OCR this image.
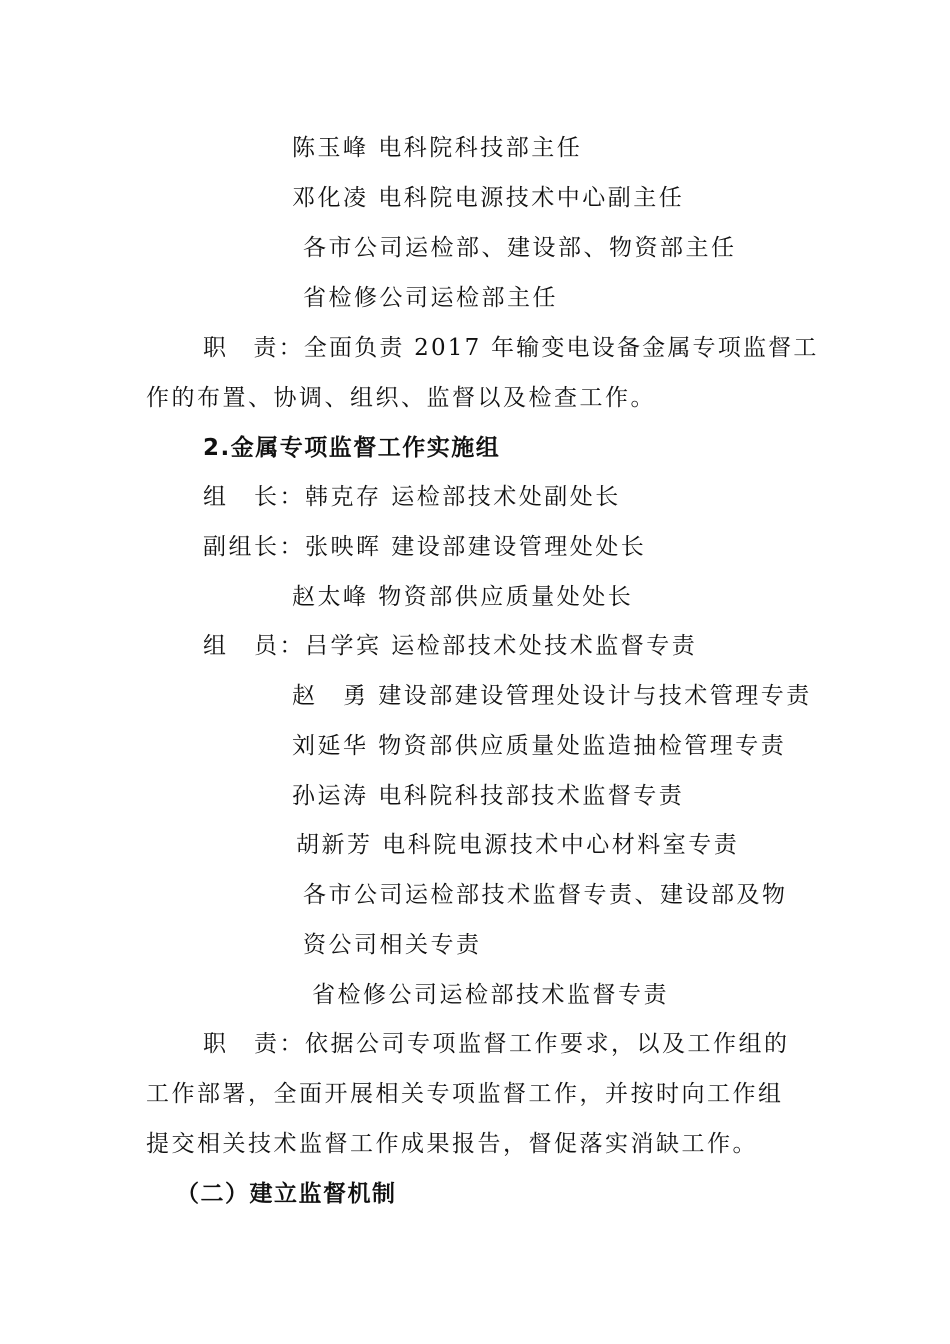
陈玉峰 电科院科技部主任
邓化凌 电科院电源技术中心副主任
各市公司运检部、建设部、物资部主任
省检修公司运检部主任
职　责：全面负责 2017 年输变电设备金属专项监督工
作的布置、协调、组织、监督以及检查工作。
2.金属专项监督工作实施组
组　长：韩克存 运检部技术处副处长
副组长：张映晖 建设部建设管理处处长
赵太峰 物资部供应质量处处长
组　员：吕学宾 运检部技术处技术监督专责
赵　勇 建设部建设管理处设计与技术管理专责
刘延华 物资部供应质量处监造抽检管理专责
孙运涛 电科院科技部技术监督专责
胡新芳 电科院电源技术中心材料室专责
各市公司运检部技术监督专责、建设部及物
资公司相关专责
省检修公司运检部技术监督专责
职　责：依据公司专项监督工作要求，以及工作组的
工作部署，全面开展相关专项监督工作，并按时向工作组
提交相关技术监督工作成果报告，督促落实消缺工作。
（二）建立监督机制
